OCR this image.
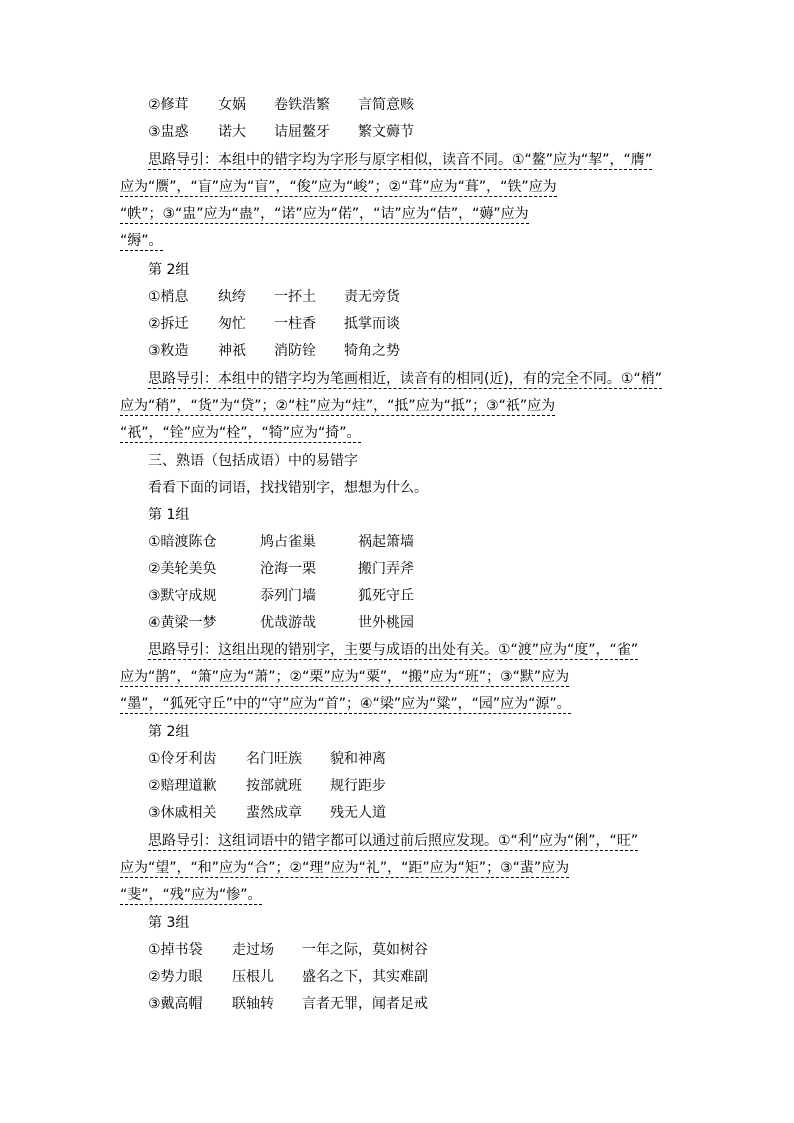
②修茸 女娲 卷铁浩繁 言简意赅
③盅惑 诺大 诘屈鳌牙 繁文薅节
思路导引：本组中的错字均为字形与原字相似，读音不同。①“鳌”应为“挈”，“膺”
应为“赝”，“盲”应为“盲”，“俊”应为“峻”；②“茸”应为“葺”，“铁”应为
“帙”；③“盅”应为“蛊”，“诺”应为“偌”，“诘”应为“佶”，“薅”应为
“缛”。
第 2组
①梢息 纨绔 一抔土 责无旁货
②拆迁 匆忙 一柱香 抵掌而谈
③敉造 神祇 消防铨 犄角之势
思路导引：本组中的错字均为笔画相近，读音有的相同(近)，有的完全不同。①“梢”
应为“稍”，“货”为“贷”；②“柱”应为“炷”，“抵”应为“抵”；③“祇”应为
“祇”，“铨”应为“栓”，“犄”应为“掎”。
三、熟语（包括成语）中的易错字
看看下面的词语，找找错别字，想想为什么。
第 1组
①暗渡陈仓	鸠占雀巢	祸起箫墙
②美轮美奂	沧海一栗	搬门弄斧
③默守成规	忝列门墙	狐死守丘
④黄梁一梦	优哉游哉	世外桃园
思路导引：这组出现的错别字，主要与成语的出处有关。①“渡”应为“度”，“雀”
应为“鹊”，“箫”应为“萧”；②“栗”应为“粟”，“搬”应为“班”；③“默”应为
“墨”，“狐死守丘”中的“守”应为“首”；④“梁”应为“粱”，“园”应为“源”。
第 2组
①伶牙利齿 名门旺族 貌和神离
②赔理道歉 按部就班 规行距步
③休戚相关 蜚然成章 残无人道
思路导引：这组词语中的错字都可以通过前后照应发现。①“利”应为“俐”，“旺”
应为“望”，“和”应为“合”；②“理”应为“礼”，“距”应为“矩”；③“蜚”应为
“斐”，“残”应为“惨”。
第 3组
①掉书袋 走过场 一年之际，莫如树谷
②势力眼 压根儿 盛名之下，其实难副
③戴高帽 联轴转 言者无罪，闻者足戒
